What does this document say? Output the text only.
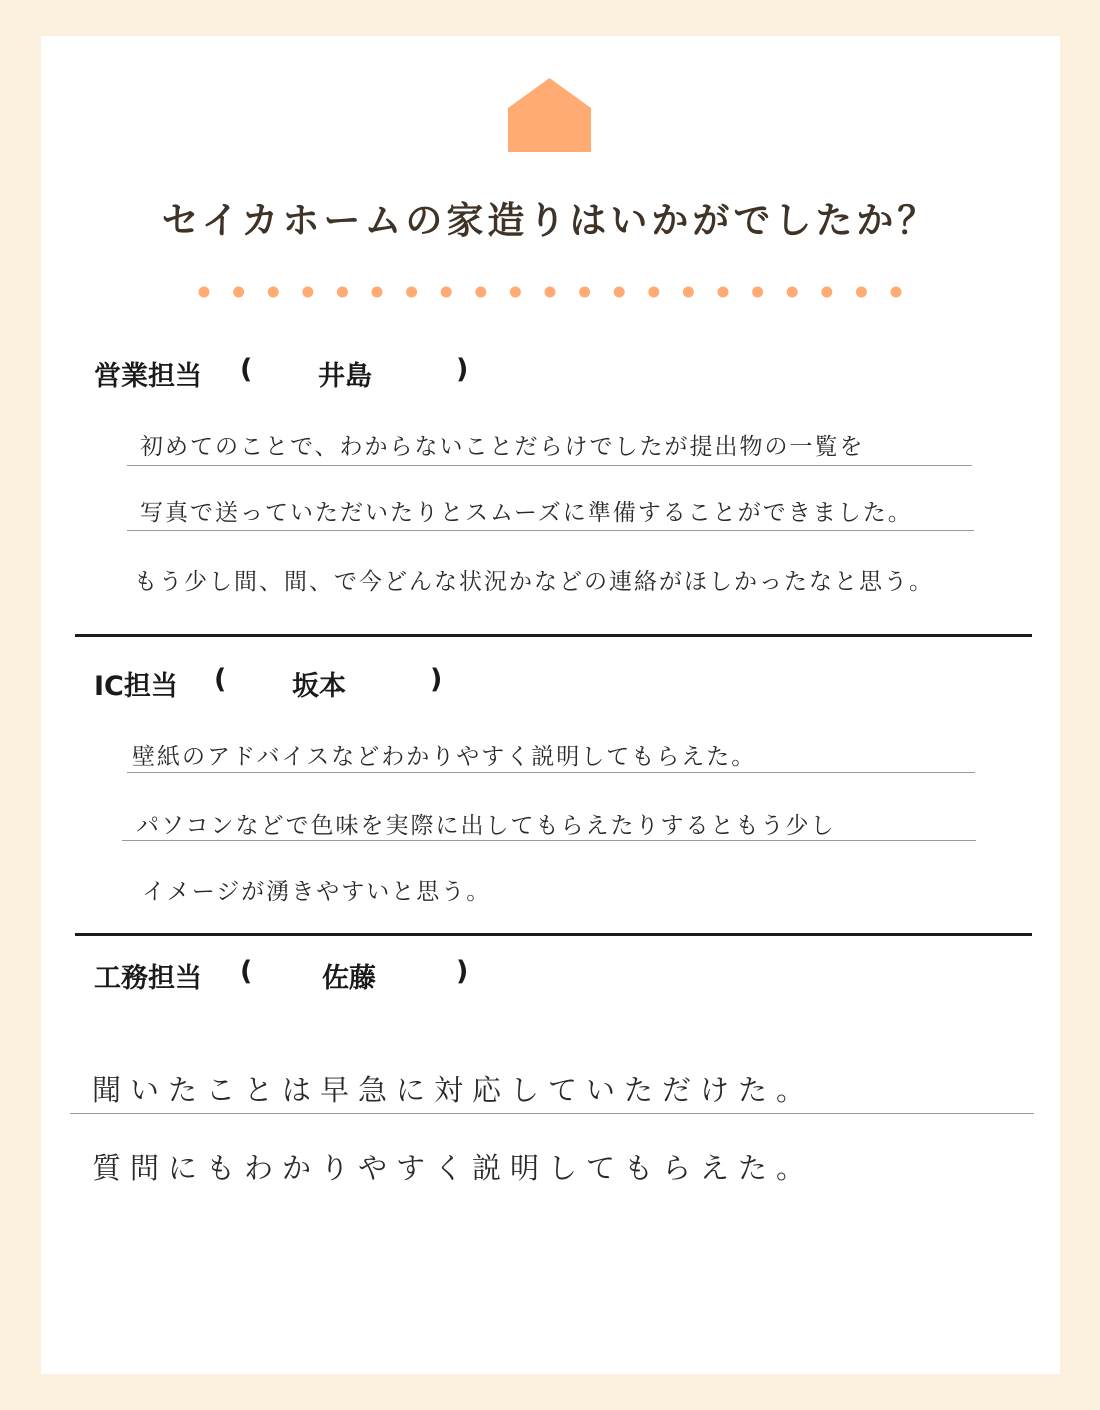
セイカホームの家造りはいかがでしたか？
営業担当 ( 井島	)
初めてのことで、わからないことだらけでしたが提出物の一覧を
写真で送っていただいたりとスムーズに準備することができました。
もう少し間、間、で今どんな状況かなどの連絡がほしかったなと思う。
IC担当 ( 坂本	)
壁紙のアドバイスなどわかりやすく説明してもらえた。
パソコンなどで色味を実際に出してもらえたりするともう少し
イメージが湧きやすいと思う。
工務担当 (	佐藤	)
聞いたことは早急に対応していただけた。
質問にもわかりやすく説明してもらえた。
